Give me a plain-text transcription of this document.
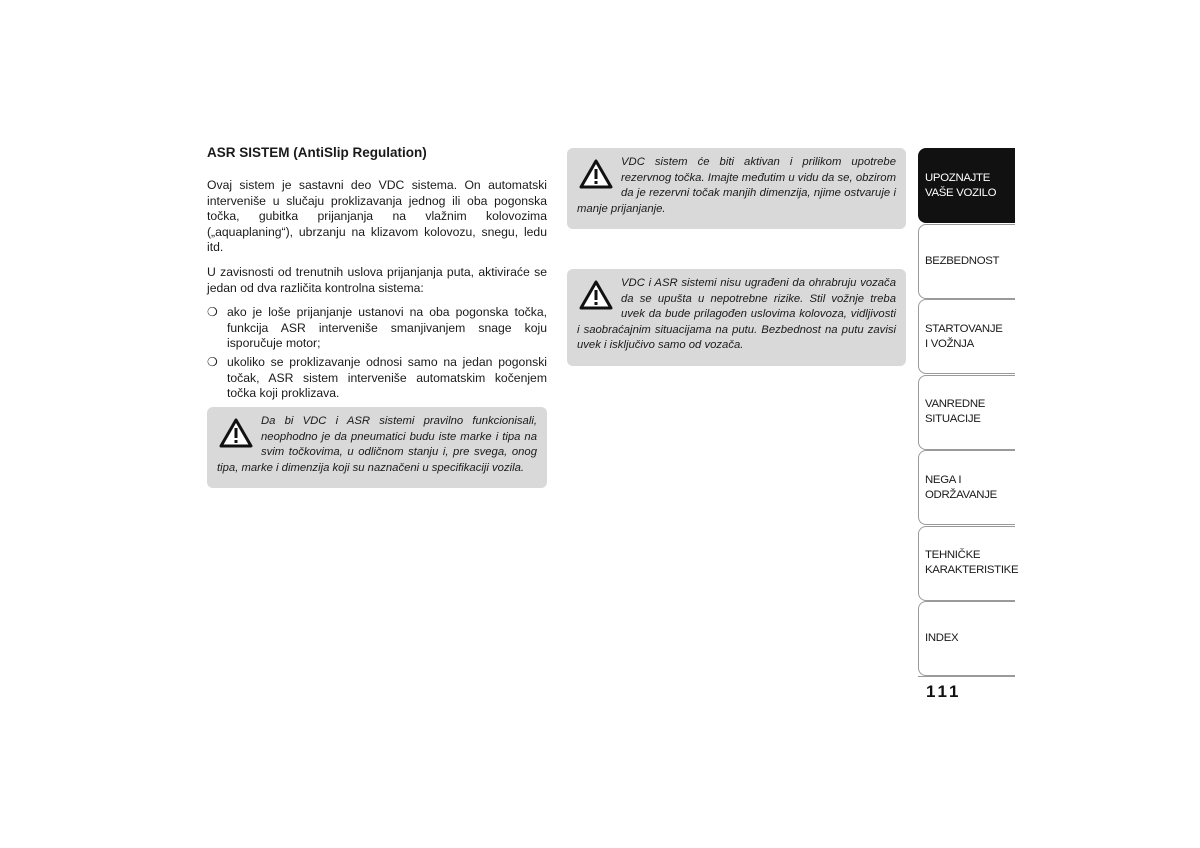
ASR SISTEM (AntiSlip Regulation)

Ovaj sistem je sastavni deo VDC sistema. On automatski interveniše u slučaju proklizavanja jednog ili oba pogonska točka, gubitka prijanjanja na vlažnim kolovozima („aquaplaning“), ubrzanju na klizavom kolovozu, snegu, ledu itd.

U zavisnosti od trenutnih uslova prijanjanja puta, aktiviraće se jedan od dva različita kontrolna sistema:

❍ ako je loše prijanjanje ustanovi na oba pogonska točka, funkcija ASR interveniše smanjivanjem snage koju isporučuje motor;
❍ ukoliko se proklizavanje odnosi samo na jedan pogonski točak, ASR sistem interveniše automatskim kočenjem točka koji proklizava.
Da bi VDC i ASR sistemi pravilno funkcionisali, neophodno je da pneumatici budu iste marke i tipa na svim točkovima, u odličnom stanju i, pre svega, onog tipa, marke i dimenzija koji su naznačeni u specifikaciji vozila.
VDC sistem će biti aktivan i prilikom upotrebe rezervnog točka. Imajte međutim u vidu da se, obzirom da je rezervni točak manjih dimenzija, njime ostvaruje i manje prijanjanje.
VDC i ASR sistemi nisu ugrađeni da ohrabruju vozača da se upušta u nepotrebne rizike. Stil vožnje treba uvek da bude prilagođen uslovima kolovoza, vidljivosti i saobraćajnim situacijama na putu. Bezbednost na putu zavisi uvek i isključivo samo od vozača.
UPOZNAJTE
VAŠE VOZILO
BEZBEDNOST
STARTOVANJE
I VOŽNJA
VANREDNE
SITUACIJE
NEGA I
ODRŽAVANJE
TEHNIČKE
KARAKTERISTIKE
INDEX
111
